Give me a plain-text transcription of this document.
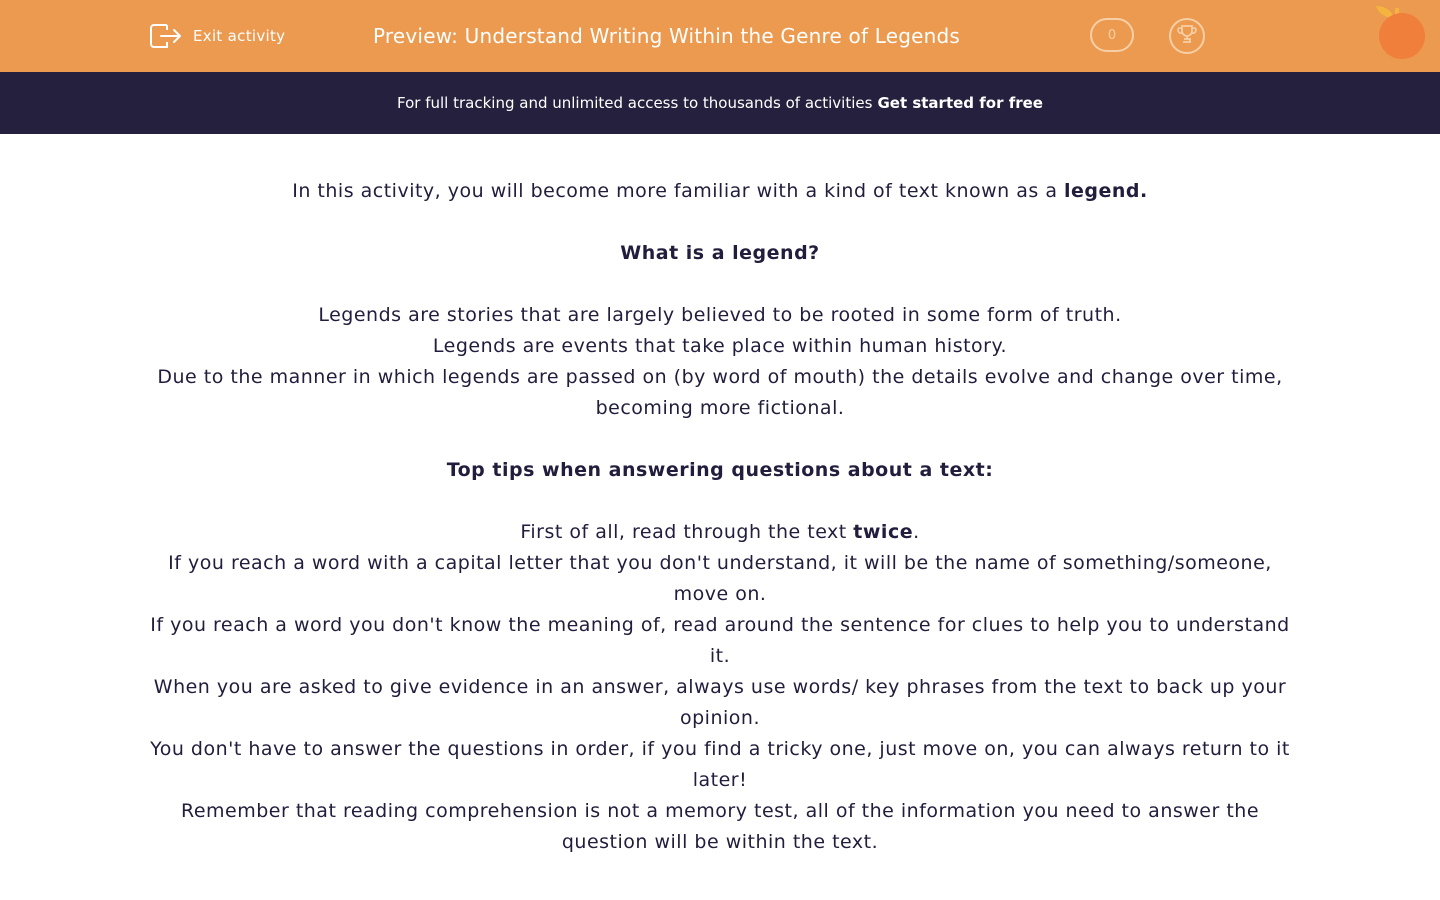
Exit activity	Preview: Understand Writing Within the Genre of Legends	0
For full tracking and unlimited access to thousands of activities Get started for free

In this activity, you will become more familiar with a kind of text known as a legend.

What is a legend?

Legends are stories that are largely believed to be rooted in some form of truth.

Legends are events that take place within human history.

Due to the manner in which legends are passed on (by word of mouth) the details evolve and change over time, becoming more fictional.

Top tips when answering questions about a text:

First of all, read through the text twice.

If you reach a word with a capital letter that you don't understand, it will be the name of something/someone, move on.

If you reach a word you don't know the meaning of, read around the sentence for clues to help you to understand it.

When you are asked to give evidence in an answer, always use words/ key phrases from the text to back up your opinion.

You don't have to answer the questions in order, if you find a tricky one, just move on, you can always return to it later!

Remember that reading comprehension is not a memory test, all of the information you need to answer the question will be within the text.
